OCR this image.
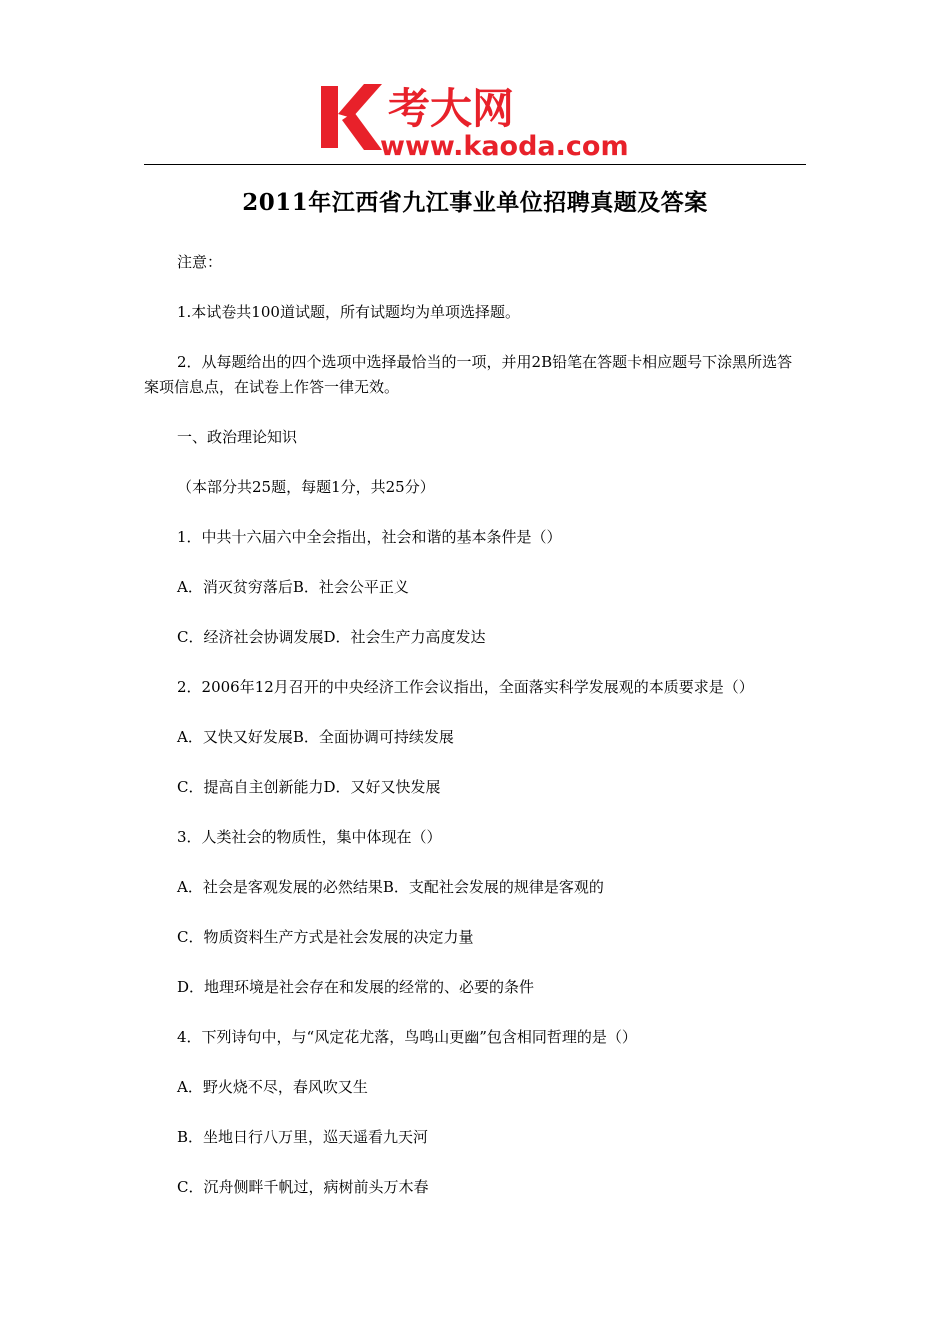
考大网
www.kaoda.com
2011年江西省九江事业单位招聘真题及答案

注意：

1.本试卷共100道试题，所有试题均为单项选择题。

2．从每题给出的四个选项中选择最恰当的一项，并用2B铅笔在答题卡相应题号下涂黑所选答案项信息点，在试卷上作答一律无效。

一、政治理论知识

（本部分共25题，每题1分，共25分）

1．中共十六届六中全会指出，社会和谐的基本条件是（）

A．消灭贫穷落后B．社会公平正义

C．经济社会协调发展D．社会生产力高度发达

2．2006年12月召开的中央经济工作会议指出，全面落实科学发展观的本质要求是（）

A．又快又好发展B．全面协调可持续发展

C．提高自主创新能力D．又好又快发展

3．人类社会的物质性，集中体现在（）

A．社会是客观发展的必然结果B．支配社会发展的规律是客观的

C．物质资料生产方式是社会发展的决定力量

D．地理环境是社会存在和发展的经常的、必要的条件

4．下列诗句中，与“风定花尤落，鸟鸣山更幽”包含相同哲理的是（）

A．野火烧不尽，春风吹又生

B．坐地日行八万里，巡天遥看九天河

C．沉舟侧畔千帆过，病树前头万木春
